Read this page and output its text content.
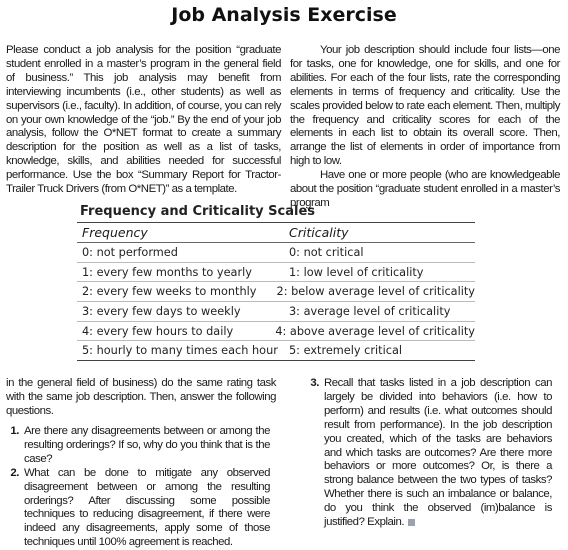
Job Analysis Exercise
Please conduct a job analysis for the position “graduate student enrolled in a master’s program in the general field of business.” This job analysis may benefit from interviewing incumbents (i.e., other students) as well as supervisors (i.e., faculty). In addition, of course, you can rely on your own knowledge of the “job.” By the end of your job analysis, follow the O*NET format to create a summary description for the position as well as a list of tasks, knowledge, skills, and abilities needed for successful performance. Use the box “Summary Report for Tractor-Trailer Truck Drivers (from O*NET)” as a template.

Your job description should include four lists—one for tasks, one for knowledge, one for skills, and one for abilities. For each of the four lists, rate the corresponding elements in terms of frequency and criticality. Use the scales provided below to rate each element. Then, multiply the frequency and criticality scores for each of the elements in each list to obtain its overall score. Then, arrange the list of elements in order of importance from high to low.

Have one or more people (who are knowledgeable about the position “graduate student enrolled in a master’s program

Frequency and Criticality Scales
Frequency	Criticality
0: not performed	0: not critical
1: every few months to yearly	1: low level of criticality
2: every few weeks to monthly	2: below average level of criticality
3: every few days to weekly	3: average level of criticality
4: every few hours to daily	4: above average level of criticality
5: hourly to many times each hour 5: extremely critical
in the general field of business) do the same rating task with the same job description. Then, answer the following questions.
1. Are there any disagreements between or among the resulting orderings? If so, why do you think that is the case?
2. What can be done to mitigate any observed disagreement between or among the resulting orderings? After discussing some possible techniques to reducing disagreement, if there were indeed any disagreements, apply some of those techniques until 100% agreement is reached.
3. Recall that tasks listed in a job description can largely be divided into behaviors (i.e. how to perform) and results (i.e. what outcomes should result from performance). In the job description you created, which of the tasks are behaviors and which tasks are outcomes? Are there more behaviors or more outcomes? Or, is there a strong balance between the two types of tasks? Whether there is such an imbalance or balance, do you think the observed (im)balance is justified? Explain.
